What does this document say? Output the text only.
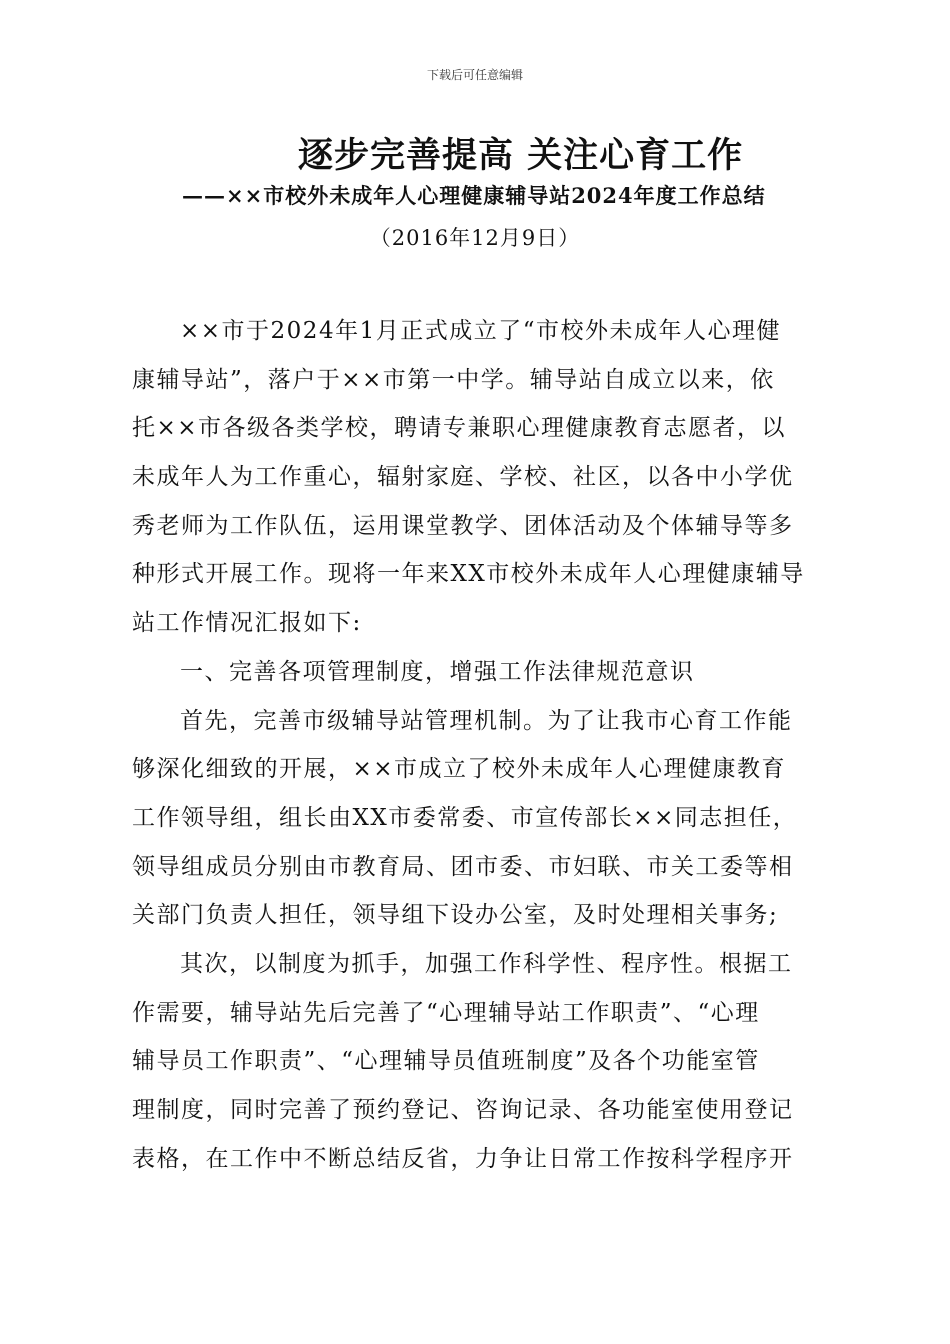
下载后可任意编辑
逐步完善提高 关注心育工作
——××市校外未成年人心理健康辅导站2024年度工作总结
（2016年12月9日）
××市于2024年1月正式成立了“市校外未成年人心理健
康辅导站”，落户于××市第一中学。辅导站自成立以来，依
托××市各级各类学校，聘请专兼职心理健康教育志愿者，以
未成年人为工作重心，辐射家庭、学校、社区，以各中小学优
秀老师为工作队伍，运用课堂教学、团体活动及个体辅导等多
种形式开展工作。现将一年来XX市校外未成年人心理健康辅导
站工作情况汇报如下:
一、完善各项管理制度，增强工作法律规范意识
首先，完善市级辅导站管理机制。为了让我市心育工作能
够深化细致的开展，××市成立了校外未成年人心理健康教育
工作领导组，组长由XX市委常委、市宣传部长××同志担任，
领导组成员分别由市教育局、团市委、市妇联、市关工委等相
关部门负责人担任，领导组下设办公室，及时处理相关事务;
其次，以制度为抓手，加强工作科学性、程序性。根据工
作需要，辅导站先后完善了“心理辅导站工作职责”、“心理
辅导员工作职责”、“心理辅导员值班制度”及各个功能室管
理制度，同时完善了预约登记、咨询记录、各功能室使用登记
表格，在工作中不断总结反省，力争让日常工作按科学程序开
